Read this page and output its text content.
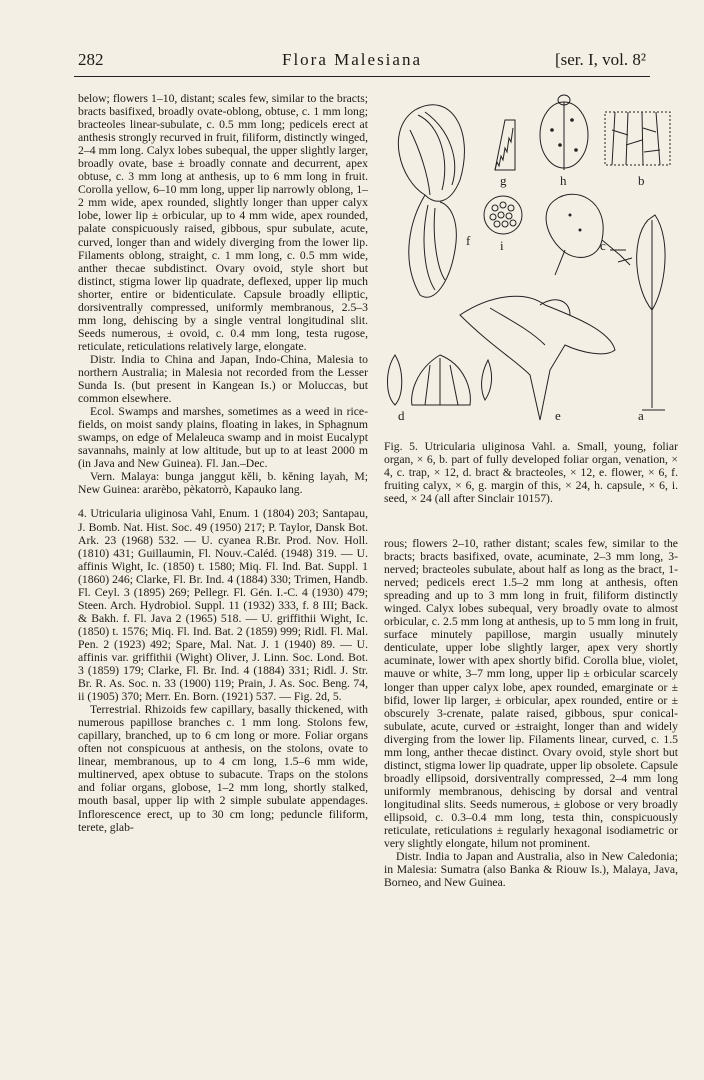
282	Flora Malesiana	[ser. I, vol. 8²

below; flowers 1–10, distant; scales few, similar to the bracts; bracts basifixed, broadly ovate-oblong, obtuse, c. 1 mm long; bracteoles linear-subulate, c. 0.5 mm long; pedicels erect at anthesis strongly recurved in fruit, filiform, distinctly winged, 2–4 mm long. Calyx lobes subequal, the upper slightly larger, broadly ovate, base ± broadly connate and decurrent, apex obtuse, c. 3 mm long at anthesis, up to 6 mm long in fruit. Corolla yellow, 6–10 mm long, upper lip narrowly oblong, 1–2 mm wide, apex rounded, slightly longer than upper calyx lobe, lower lip ± orbicular, up to 4 mm wide, apex rounded, palate conspicuously raised, gibbous, spur subulate, acute, curved, longer than and widely diverging from the lower lip. Filaments oblong, straight, c. 1 mm long, c. 0.5 mm wide, anther thecae subdistinct. Ovary ovoid, style short but distinct, stigma lower lip quadrate, deflexed, upper lip much shorter, entire or bidenticulate. Capsule broadly elliptic, dorsiventrally compressed, uniformly membranous, 2.5–3 mm long, dehiscing by a single ventral longitudinal slit. Seeds numerous, ± ovoid, c. 0.4 mm long, testa rugose, reticulate, reticulations relatively large, elongate.

Distr. India to China and Japan, Indo-China, Malesia to northern Australia; in Malesia not recorded from the Lesser Sunda Is. (but present in Kangean Is.) or Moluccas, but common elsewhere.

Ecol. Swamps and marshes, sometimes as a weed in rice-fields, on moist sandy plains, floating in lakes, in Sphagnum swamps, on edge of Melaleuca swamp and in moist Eucalypt savannahs, mainly at low altitude, but up to at least 2000 m (in Java and New Guinea). Fl. Jan.–Dec.

Vern. Malaya: bunga janggut kĕli, b. kĕning layah, M; New Guinea: ararèbo, pèkatorrò, Kapauko lang.

4. Utricularia uliginosa Vahl, Enum. 1 (1804) 203; Santapau, J. Bomb. Nat. Hist. Soc. 49 (1950) 217; P. Taylor, Dansk Bot. Ark. 23 (1968) 532. — U. cyanea R.Br. Prod. Nov. Holl. (1810) 431; Guillaumin, Fl. Nouv.-Caléd. (1948) 319. — U. affinis Wight, Ic. (1850) t. 1580; Miq. Fl. Ind. Bat. Suppl. 1 (1860) 246; Clarke, Fl. Br. Ind. 4 (1884) 330; Trimen, Handb. Fl. Ceyl. 3 (1895) 269; Pellegr. Fl. Gén. I.-C. 4 (1930) 479; Steen. Arch. Hydrobiol. Suppl. 11 (1932) 333, f. 8 III; Back. & Bakh. f. Fl. Java 2 (1965) 518. — U. griffithii Wight, Ic. (1850) t. 1576; Miq. Fl. Ind. Bat. 2 (1859) 999; Ridl. Fl. Mal. Pen. 2 (1923) 492; Spare, Mal. Nat. J. 1 (1940) 89. — U. affinis var. griffithii (Wight) Oliver, J. Linn. Soc. Lond. Bot. 3 (1859) 179; Clarke, Fl. Br. Ind. 4 (1884) 331; Ridl. J. Str. Br. R. As. Soc. n. 33 (1900) 119; Prain, J. As. Soc. Beng. 74, ii (1905) 370; Merr. En. Born. (1921) 537. — Fig. 2d, 5.

Terrestrial. Rhizoids few capillary, basally thickened, with numerous papillose branches c. 1 mm long. Stolons few, capillary, branched, up to 6 cm long or more. Foliar organs often not conspicuous at anthesis, on the stolons, ovate to linear, membranous, up to 4 cm long, 1.5–6 mm wide, multinerved, apex obtuse to subacute. Traps on the stolons and foliar organs, globose, 1–2 mm long, shortly stalked, mouth basal, upper lip with 2 simple subulate appendages. Inflorescence erect, up to 30 cm long; peduncle filiform, terete, glab-

f
g	h	b
i	c
a
e
d

Fig. 5. Utricularia uliginosa Vahl. a. Small, young, foliar organ, × 6, b. part of fully developed foliar organ, venation, × 4, c. trap, × 12, d. bract & bracteoles, × 12, e. flower, × 6, f. fruiting calyx, × 6, g. margin of this, × 24, h. capsule, × 6, i. seed, × 24 (all after Sinclair 10157).

rous; flowers 2–10, rather distant; scales few, similar to the bracts; bracts basifixed, ovate, acuminate, 2–3 mm long, 3-nerved; bracteoles subulate, about half as long as the bract, 1-nerved; pedicels erect 1.5–2 mm long at anthesis, often spreading and up to 3 mm long in fruit, filiform distinctly winged. Calyx lobes subequal, very broadly ovate to almost orbicular, c. 2.5 mm long at anthesis, up to 5 mm long in fruit, surface minutely papillose, margin usually minutely denticulate, upper lobe slightly larger, apex very shortly acuminate, lower with apex shortly bifid. Corolla blue, violet, mauve or white, 3–7 mm long, upper lip ± orbicular scarcely longer than upper calyx lobe, apex rounded, emarginate or ± bifid, lower lip larger, ± orbicular, apex rounded, entire or ± obscurely 3-crenate, palate raised, gibbous, spur conical-subulate, acute, curved or ±straight, longer than and widely diverging from the lower lip. Filaments linear, curved, c. 1.5 mm long, anther thecae distinct. Ovary ovoid, style short but distinct, stigma lower lip quadrate, upper lip obsolete. Capsule broadly ellipsoid, dorsiventrally compressed, 2–4 mm long uniformly membranous, dehiscing by dorsal and ventral longitudinal slits. Seeds numerous, ± globose or very broadly ellipsoid, c. 0.3–0.4 mm long, testa thin, conspicuously reticulate, reticulations ± regularly hexagonal isodiametric or very slightly elongate, hilum not prominent.

Distr. India to Japan and Australia, also in New Caledonia; in Malesia: Sumatra (also Banka & Riouw Is.), Malaya, Java, Borneo, and New Guinea.
